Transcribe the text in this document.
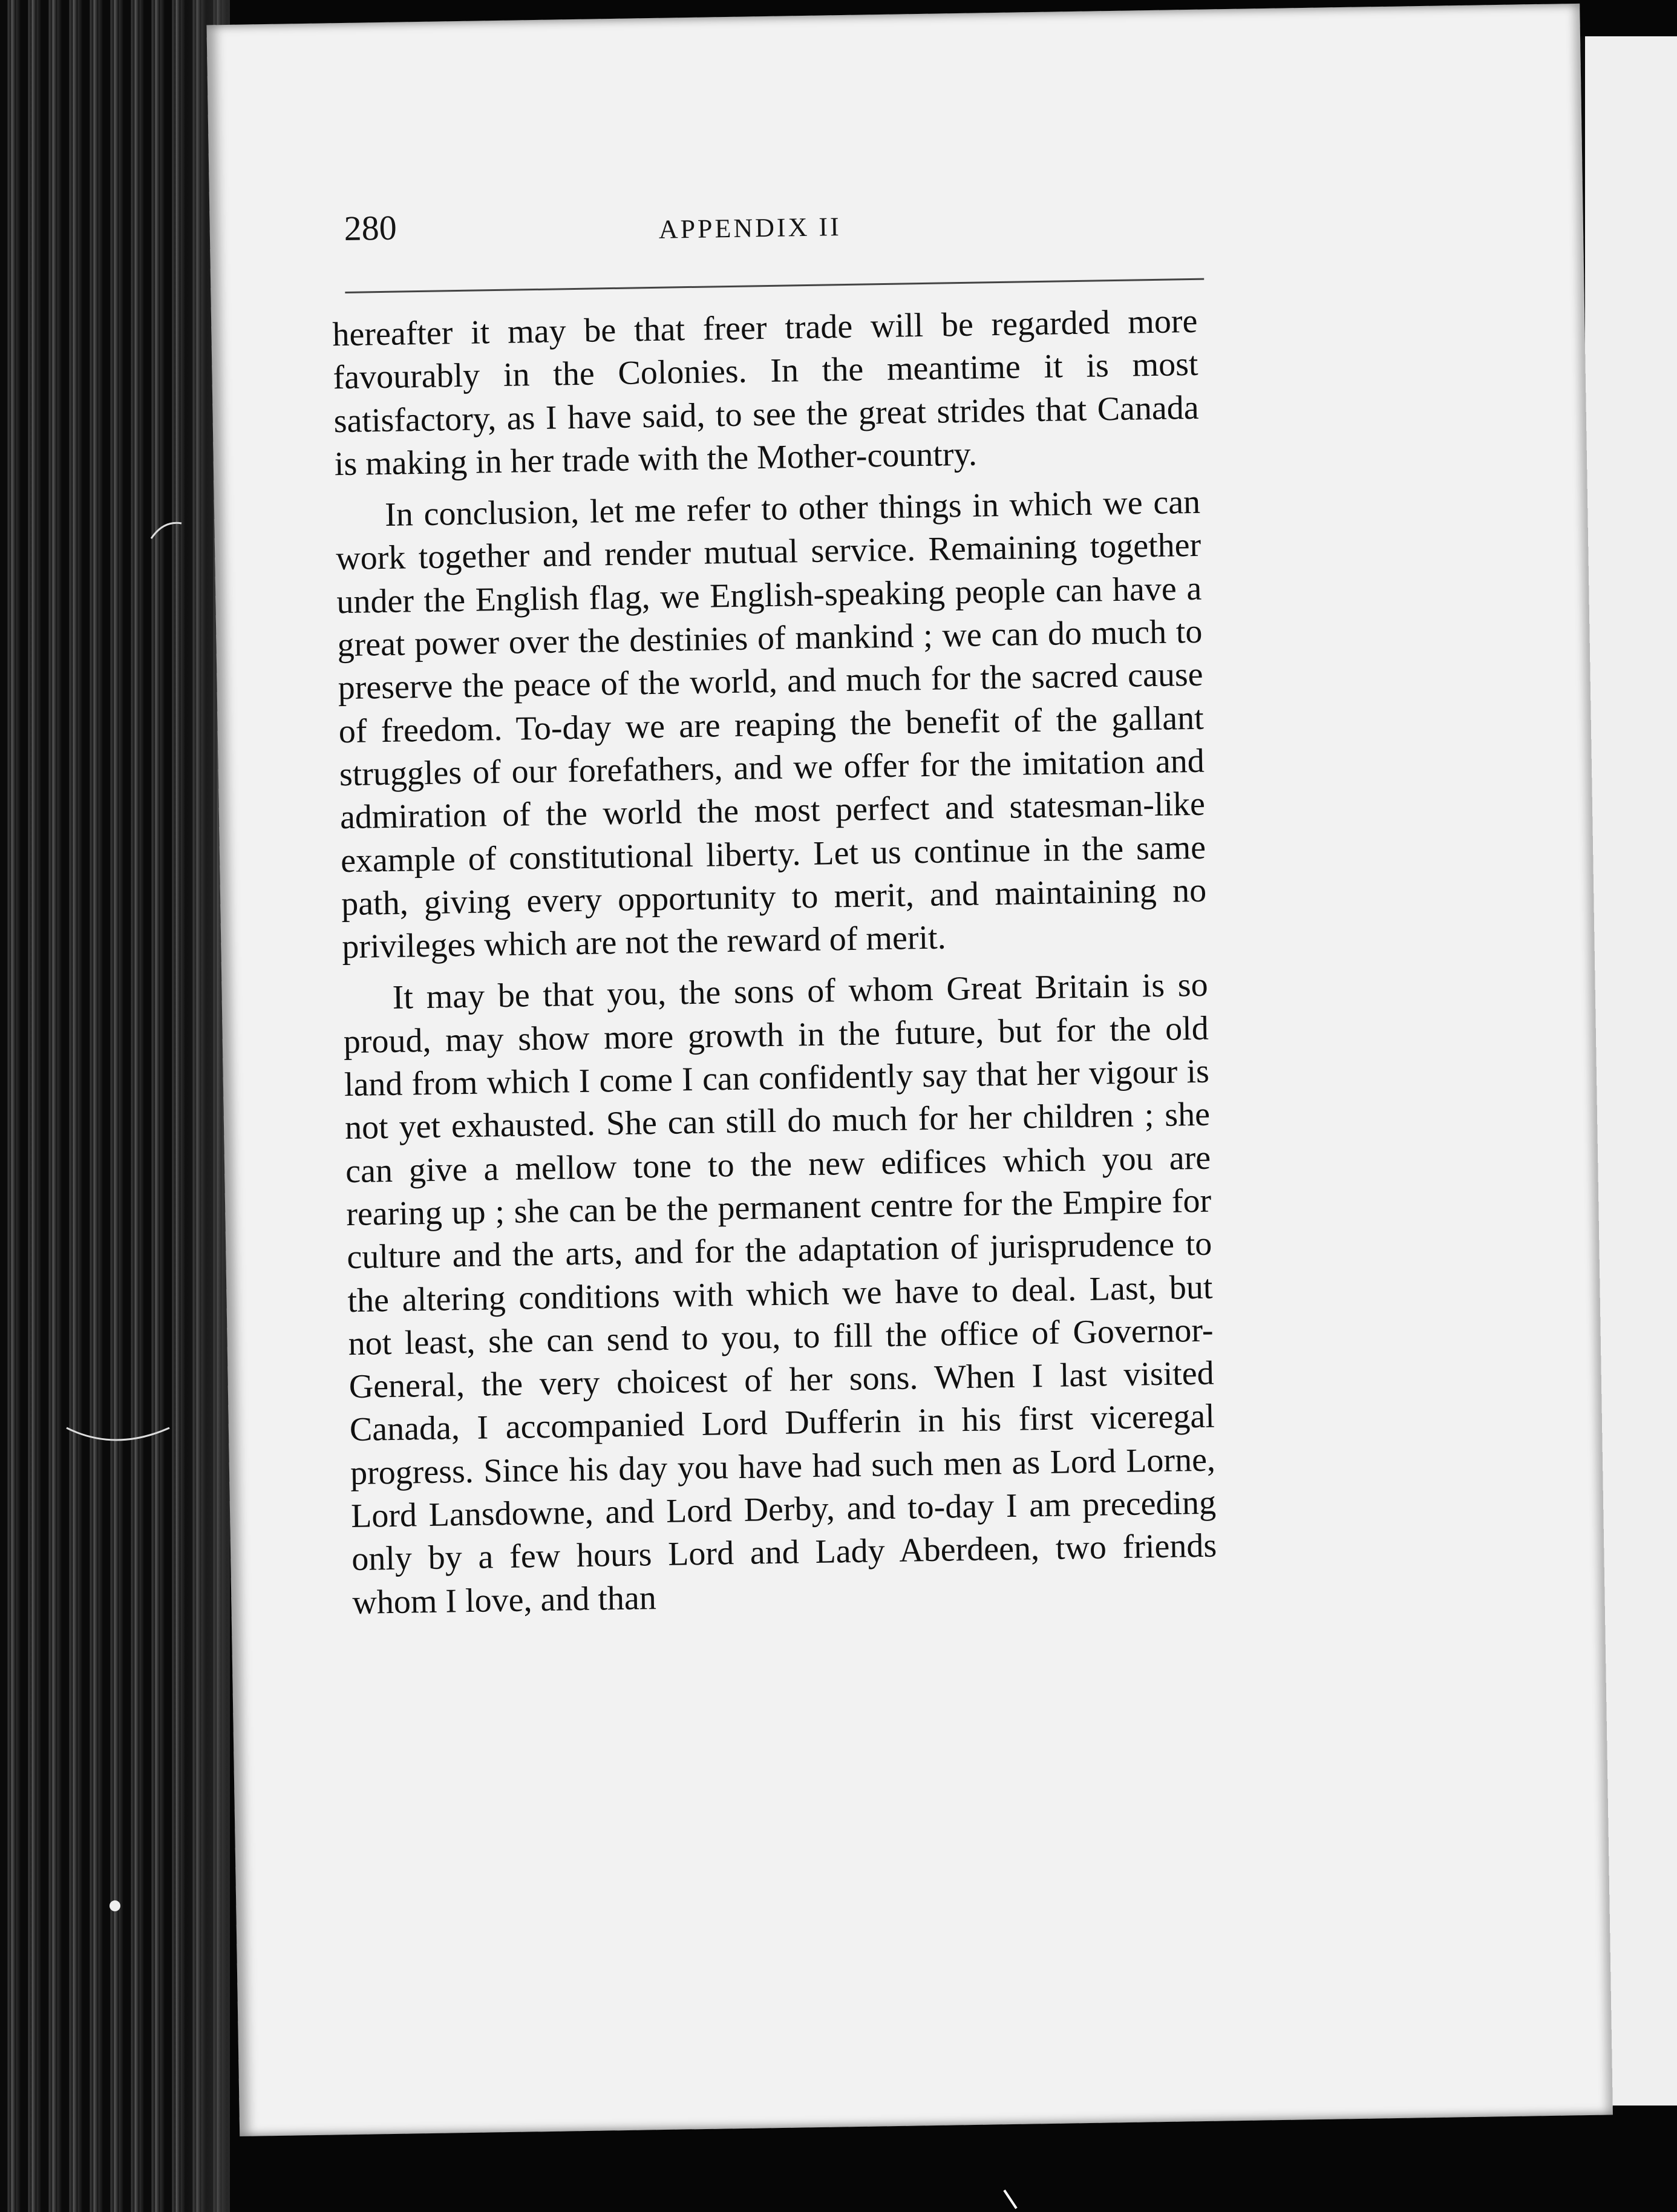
280	APPENDIX II

hereafter it may be that freer trade will be regarded more favourably in the Colonies. In the meantime it is most satisfactory, as I have said, to see the great strides that Canada is making in her trade with the Mother-country.

In conclusion, let me refer to other things in which we can work together and render mutual service. Remaining together under the English flag, we English-speaking people can have a great power over the destinies of mankind ; we can do much to preserve the peace of the world, and much for the sacred cause of freedom. To-day we are reaping the benefit of the gallant struggles of our forefathers, and we offer for the imitation and admiration of the world the most perfect and statesman-like example of constitutional liberty. Let us continue in the same path, giving every opportunity to merit, and maintaining no privileges which are not the reward of merit.

It may be that you, the sons of whom Great Britain is so proud, may show more growth in the future, but for the old land from which I come I can confidently say that her vigour is not yet exhausted. She can still do much for her children ; she can give a mellow tone to the new edifices which you are rearing up ; she can be the permanent centre for the Empire for culture and the arts, and for the adaptation of jurisprudence to the altering conditions with which we have to deal. Last, but not least, she can send to you, to fill the office of Governor-General, the very choicest of her sons. When I last visited Canada, I accompanied Lord Dufferin in his first viceregal progress. Since his day you have had such men as Lord Lorne, Lord Lansdowne, and Lord Derby, and to-day I am preceding only by a few hours Lord and Lady Aberdeen, two friends whom I love, and than
